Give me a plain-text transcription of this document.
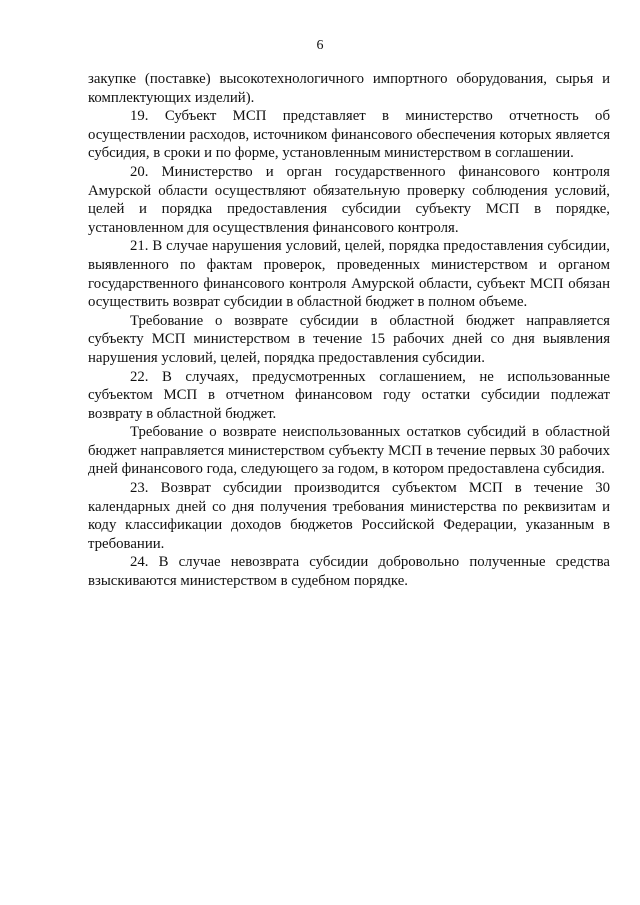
6

закупке (поставке) высокотехнологичного импортного оборудования, сырья и комплектующих изделий).

19. Субъект МСП представляет в министерство отчетность об осуществлении расходов, источником финансового обеспечения которых является субсидия, в сроки и по форме, установленным министерством в соглашении.

20. Министерство и орган государственного финансового контроля Амурской области осуществляют обязательную проверку соблюдения условий, целей и порядка предоставления субсидии субъекту МСП в порядке, установленном для осуществления финансового контроля.

21. В случае нарушения условий, целей, порядка предоставления субсидии, выявленного по фактам проверок, проведенных министерством и органом государственного финансового контроля Амурской области, субъект МСП обязан осуществить возврат субсидии в областной бюджет в полном объеме.

Требование о возврате субсидии в областной бюджет направляется субъекту МСП министерством в течение 15 рабочих дней со дня выявления нарушения условий, целей, порядка предоставления субсидии.

22. В случаях, предусмотренных соглашением, не использованные субъектом МСП в отчетном финансовом году остатки субсидии подлежат возврату в областной бюджет.

Требование о возврате неиспользованных остатков субсидий в областной бюджет направляется министерством субъекту МСП в течение первых 30 рабочих дней финансового года, следующего за годом, в котором предоставлена субсидия.

23. Возврат субсидии производится субъектом МСП в течение 30 календарных дней со дня получения требования министерства по реквизитам и коду классификации доходов бюджетов Российской Федерации, указанным в требовании.

24. В случае невозврата субсидии добровольно полученные средства взыскиваются министерством в судебном порядке.
